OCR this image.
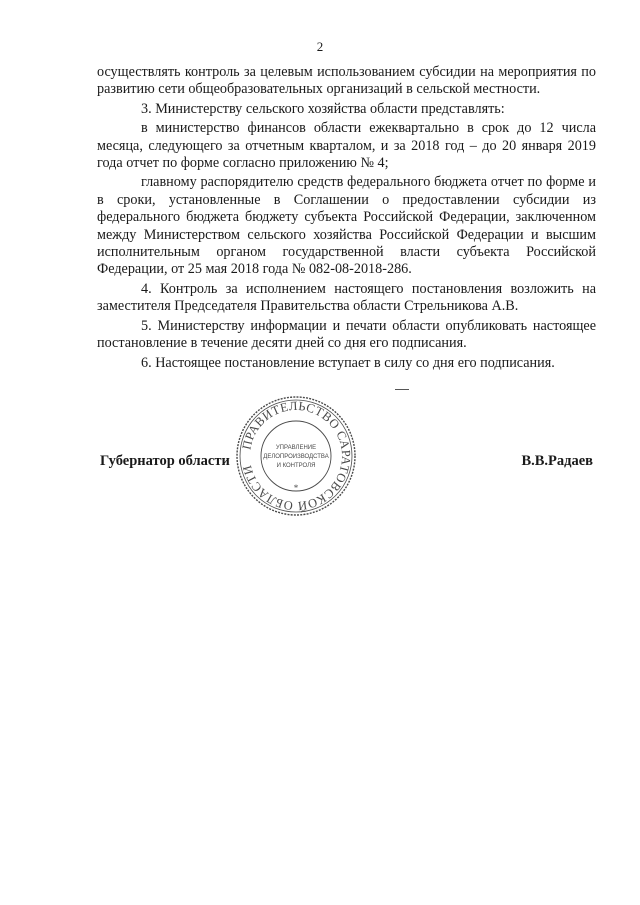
2

осуществлять контроль за целевым использованием субсидии на мероприятия по развитию сети общеобразовательных организаций в сельской местности.

3. Министерству сельского хозяйства области представлять:

в министерство финансов области ежеквартально в срок до 12 числа месяца, следующего за отчетным кварталом, и за 2018 год – до 20 января 2019 года отчет по форме согласно приложению № 4;

главному распорядителю средств федерального бюджета отчет по форме и в сроки, установленные в Соглашении о предоставлении субсидии из федерального бюджета бюджету субъекта Российской Федерации, заключенном между Министерством сельского хозяйства Российской Федерации и высшим исполнительным органом государственной власти субъекта Российской Федерации, от 25 мая 2018 года № 082-08-2018-286.

4. Контроль за исполнением настоящего постановления возложить на заместителя Председателя Правительства области Стрельникова А.В.

5. Министерству информации и печати области опубликовать настоящее постановление в течение десяти дней со дня его подписания.

6. Настоящее постановление вступает в силу со дня его подписания.

ПРАВИТЕЛЬСТВО САРАТОВСКОЙ ОБЛАСТИ
*
УПРАВЛЕНИЕ
ДЕЛОПРОИЗВОДСТВА
И КОНТРОЛЯ
Губернатор области	В.В.Радаев
